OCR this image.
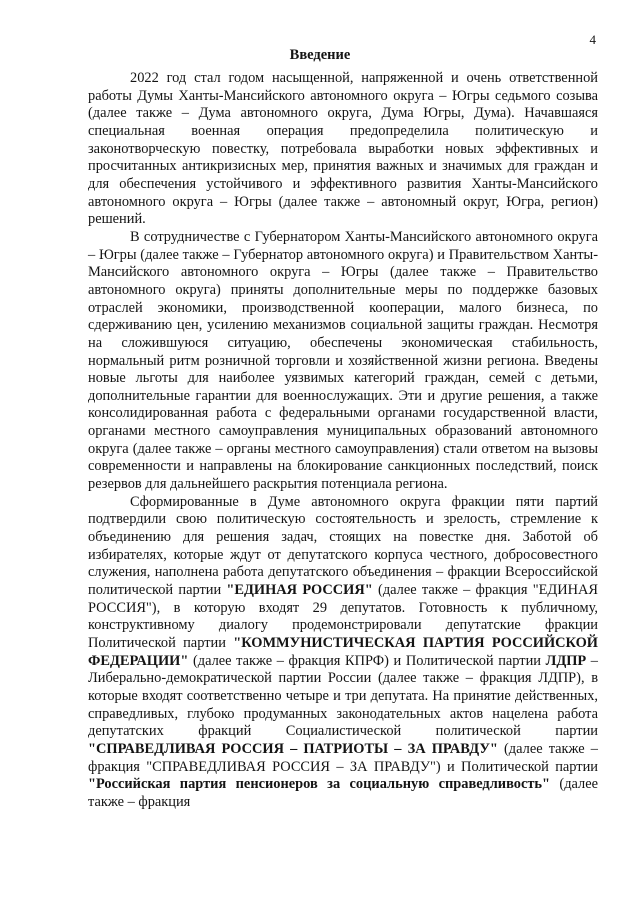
4
Введение

2022 год стал годом насыщенной, напряженной и очень ответственной работы Думы Ханты-Мансийского автономного округа – Югры седьмого созыва (далее также – Дума автономного округа, Дума Югры, Дума). Начавшаяся специальная военная операция предопределила политическую и законотворческую повестку, потребовала выработки новых эффективных и просчитанных антикризисных мер, принятия важных и значимых для граждан и для обеспечения устойчивого и эффективного развития Ханты-Мансийского автономного округа – Югры (далее также – автономный округ, Югра, регион) решений.

В сотрудничестве с Губернатором Ханты-Мансийского автономного округа – Югры (далее также – Губернатор автономного округа) и Правительством Ханты-Мансийского автономного округа – Югры (далее также – Правительство автономного округа) приняты дополнительные меры по поддержке базовых отраслей экономики, производственной кооперации, малого бизнеса, по сдерживанию цен, усилению механизмов социальной защиты граждан. Несмотря на сложившуюся ситуацию, обеспечены экономическая стабильность, нормальный ритм розничной торговли и хозяйственной жизни региона. Введены новые льготы для наиболее уязвимых категорий граждан, семей с детьми, дополнительные гарантии для военнослужащих. Эти и другие решения, а также консолидированная работа с федеральными органами государственной власти, органами местного самоуправления муниципальных образований автономного округа (далее также – органы местного самоуправления) стали ответом на вызовы современности и направлены на блокирование санкционных последствий, поиск резервов для дальнейшего раскрытия потенциала региона.

Сформированные в Думе автономного округа фракции пяти партий подтвердили свою политическую состоятельность и зрелость, стремление к объединению для решения задач, стоящих на повестке дня. Заботой об избирателях, которые ждут от депутатского корпуса честного, добросовестного служения, наполнена работа депутатского объединения – фракции Всероссийской политической партии "ЕДИНАЯ РОССИЯ" (далее также – фракция "ЕДИНАЯ РОССИЯ"), в которую входят 29 депутатов. Готовность к публичному, конструктивному диалогу продемонстрировали депутатские фракции Политической партии "КОММУНИСТИЧЕСКАЯ ПАРТИЯ РОССИЙСКОЙ ФЕДЕРАЦИИ" (далее также – фракция КПРФ) и Политической партии ЛДПР – Либерально-демократической партии России (далее также – фракция ЛДПР), в которые входят соответственно четыре и три депутата. На принятие действенных, справедливых, глубоко продуманных законодательных актов нацелена работа депутатских фракций Социалистической политической партии "СПРАВЕДЛИВАЯ РОССИЯ – ПАТРИОТЫ – ЗА ПРАВДУ" (далее также – фракция "СПРАВЕДЛИВАЯ РОССИЯ – ЗА ПРАВДУ") и Политической партии "Российская партия пенсионеров за социальную справедливость" (далее также – фракция
